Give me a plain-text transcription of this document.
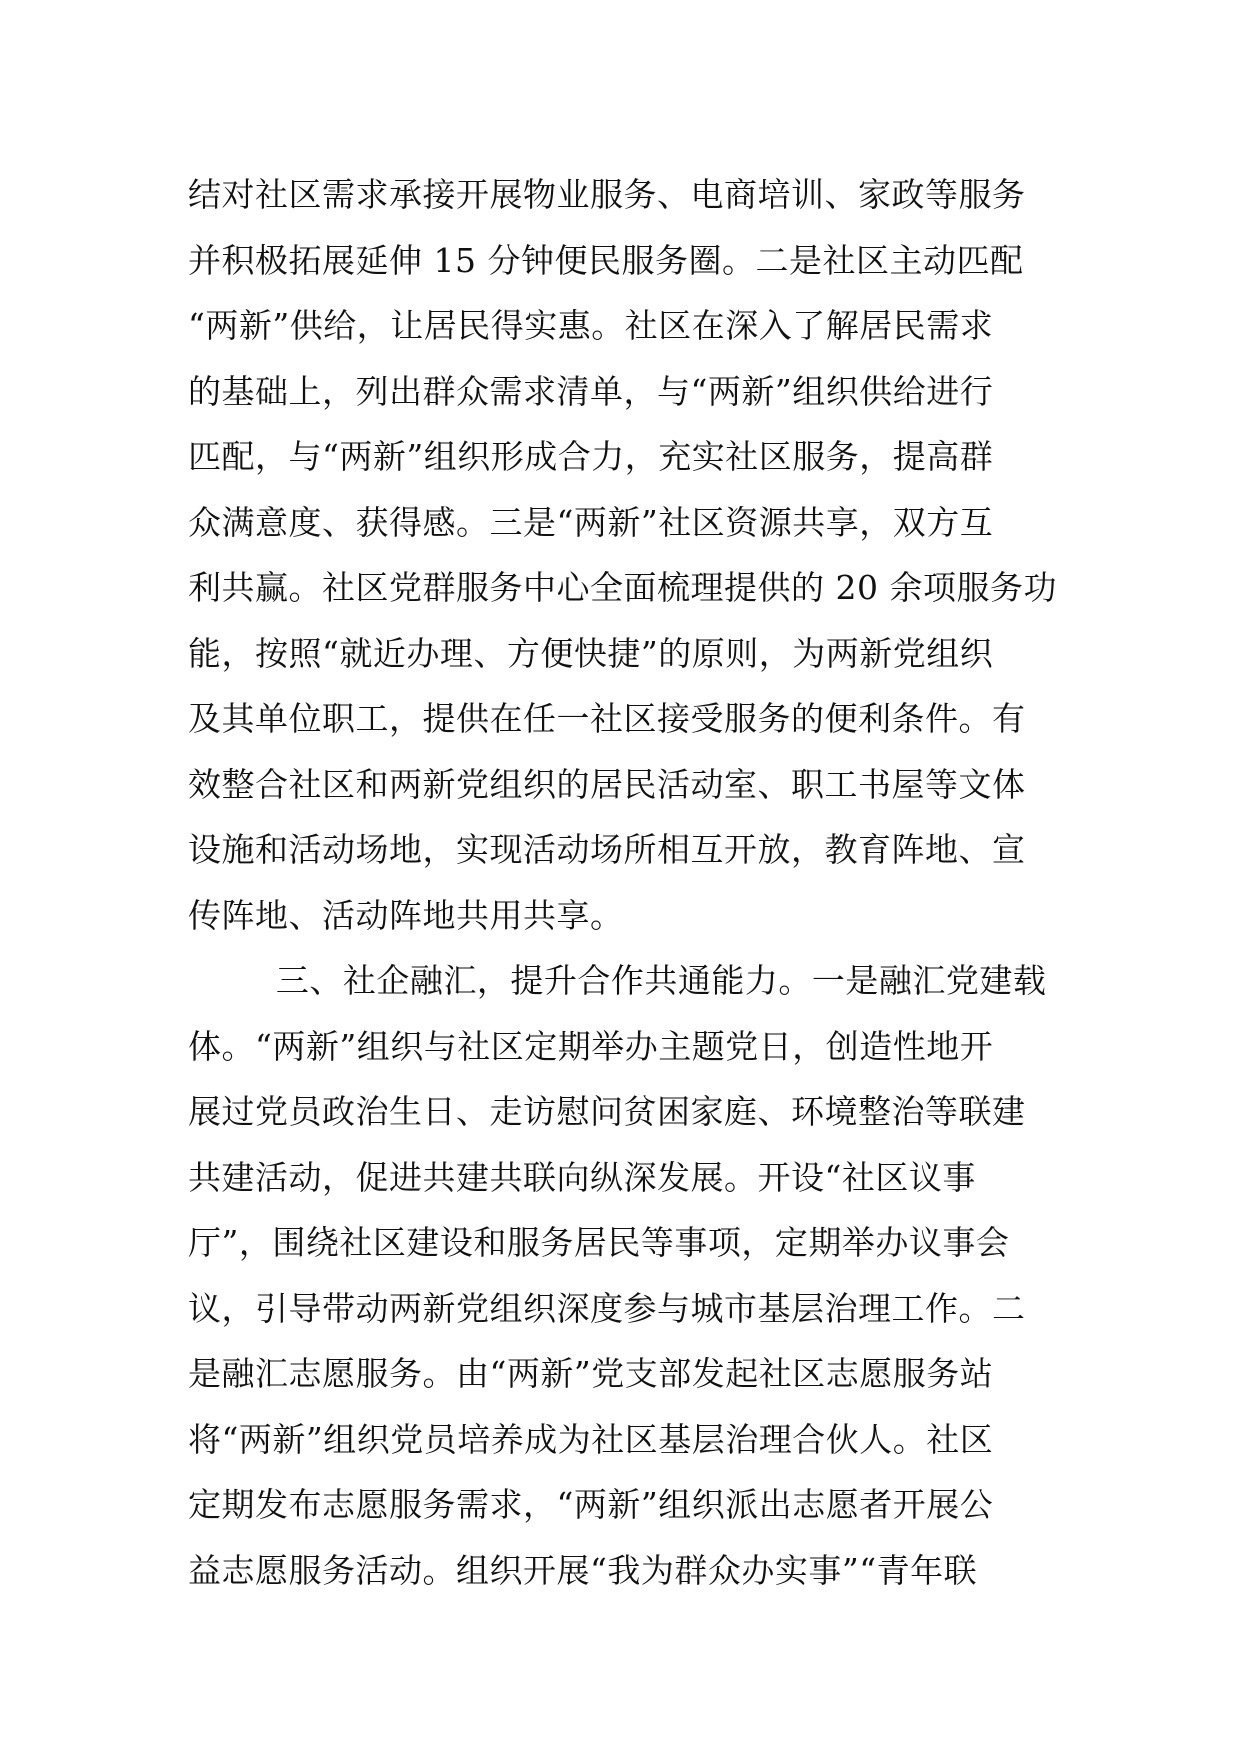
结对社区需求承接开展物业服务、电商培训、家政等服务
并积极拓展延伸 15 分钟便民服务圈。二是社区主动匹配
“两新”供给，让居民得实惠。社区在深入了解居民需求
的基础上，列出群众需求清单，与“两新”组织供给进行
匹配，与“两新”组织形成合力，充实社区服务，提高群
众满意度、获得感。三是“两新”社区资源共享，双方互
利共赢。社区党群服务中心全面梳理提供的 20 余项服务功
能，按照“就近办理、方便快捷”的原则，为两新党组织
及其单位职工，提供在任一社区接受服务的便利条件。有
效整合社区和两新党组织的居民活动室、职工书屋等文体
设施和活动场地，实现活动场所相互开放，教育阵地、宣
传阵地、活动阵地共用共享。
三、社企融汇，提升合作共通能力。一是融汇党建载
体。“两新”组织与社区定期举办主题党日，创造性地开
展过党员政治生日、走访慰问贫困家庭、环境整治等联建
共建活动，促进共建共联向纵深发展。开设“社区议事
厅”，围绕社区建设和服务居民等事项，定期举办议事会
议，引导带动两新党组织深度参与城市基层治理工作。二
是融汇志愿服务。由“两新”党支部发起社区志愿服务站
将“两新”组织党员培养成为社区基层治理合伙人。社区
定期发布志愿服务需求，“两新”组织派出志愿者开展公
益志愿服务活动。组织开展“我为群众办实事”“青年联
